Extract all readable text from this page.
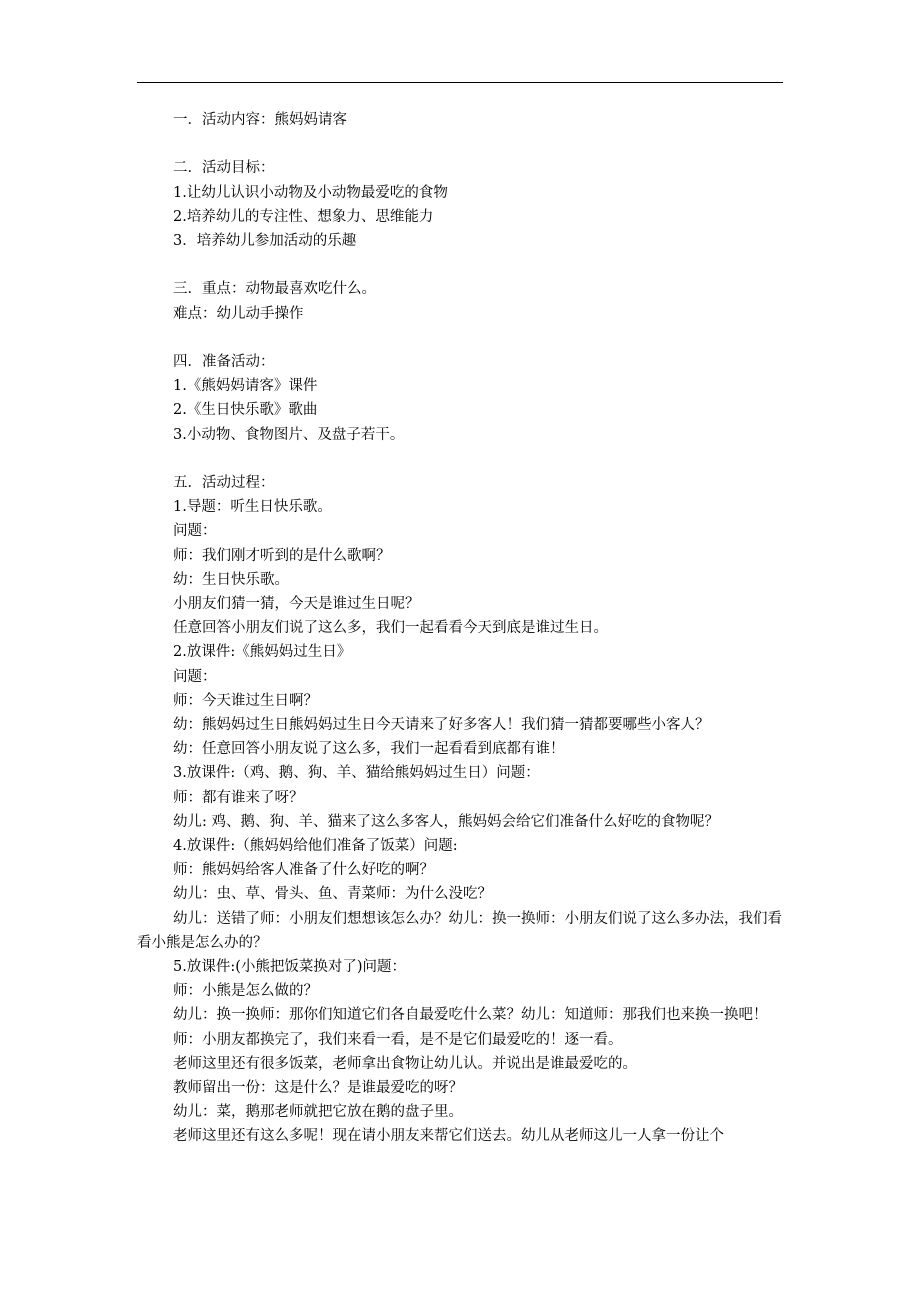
一．活动内容：熊妈妈请客
二．活动目标：
1.让幼儿认识小动物及小动物最爱吃的食物
2.培养幼儿的专注性、想象力、思维能力
3．培养幼儿参加活动的乐趣
三．重点：动物最喜欢吃什么。
难点：幼儿动手操作
四．准备活动：
1.《熊妈妈请客》课件
2.《生日快乐歌》歌曲
3.小动物、食物图片、及盘子若干。
五．活动过程：
1.导题：听生日快乐歌。
问题：
师：我们刚才听到的是什么歌啊？
幼：生日快乐歌。
小朋友们猜一猜，今天是谁过生日呢？
任意回答小朋友们说了这么多，我们一起看看今天到底是谁过生日。
2.放课件:《熊妈妈过生日》
问题：
师：今天谁过生日啊？
幼：熊妈妈过生日熊妈妈过生日今天请来了好多客人！我们猜一猜都要哪些小客人？
幼：任意回答小朋友说了这么多，我们一起看看到底都有谁！
3.放课件:（鸡、鹅、狗、羊、猫给熊妈妈过生日）问题：
师：都有谁来了呀？
幼儿: 鸡、鹅、狗、羊、猫来了这么多客人，熊妈妈会给它们准备什么好吃的食物呢？
4.放课件:（熊妈妈给他们准备了饭菜）问题:
师：熊妈妈给客人准备了什么好吃的啊？
幼儿：虫、草、骨头、鱼、青菜师：为什么没吃？
幼儿：送错了师：小朋友们想想该怎么办？幼儿：换一换师：小朋友们说了这么多办法，我们看看小熊是怎么办的？
5.放课件:(小熊把饭菜换对了)问题：
师：小熊是怎么做的？
幼儿：换一换师：那你们知道它们各自最爱吃什么菜？幼儿：知道师：那我们也来换一换吧！
师：小朋友都换完了，我们来看一看，是不是它们最爱吃的！逐一看。
老师这里还有很多饭菜，老师拿出食物让幼儿认。并说出是谁最爱吃的。
教师留出一份：这是什么？是谁最爱吃的呀？
幼儿：菜，鹅那老师就把它放在鹅的盘子里。
老师这里还有这么多呢！现在请小朋友来帮它们送去。幼儿从老师这儿一人拿一份让个
